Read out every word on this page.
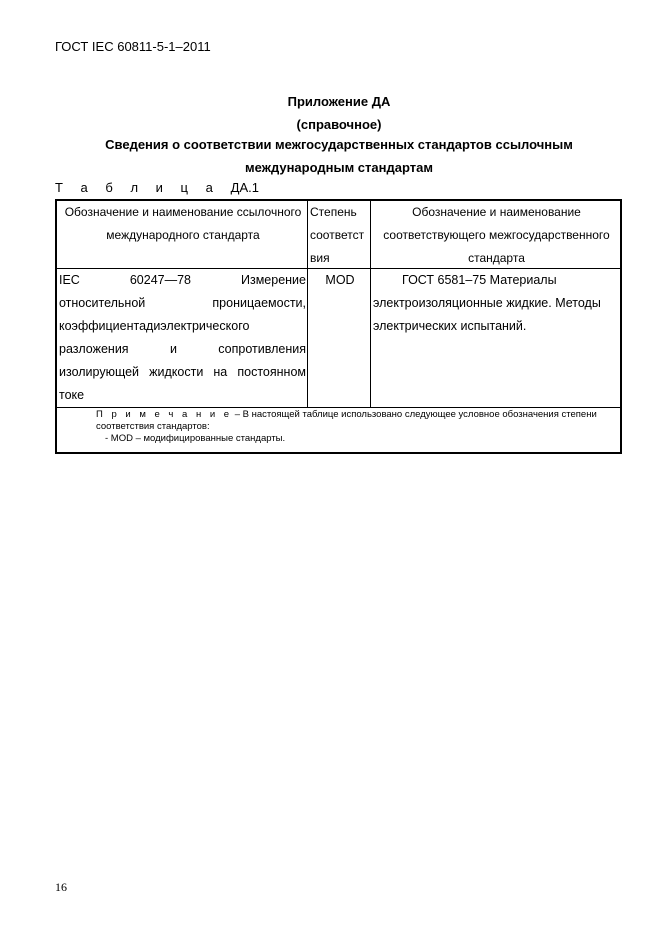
ГОСТ IEC 60811-5-1–2011
Приложение ДА
(справочное)
Сведения о соответствии межгосударственных стандартов ссылочным
международным стандартам
Т а б л и ц а ДА.1
Обозначение и наименование ссылочного
международного стандарта
Степень
соответст
вия
Обозначение и наименование
соответствующего межгосударственного
стандарта
IEC 60247—78 Измерение
относительной проницаемости,
коэффициентадиэлектрического
разложения и сопротивления
изолирующей жидкости на постоянном
токе
MOD	ГОСТ 6581–75 Материалы
электроизоляционные жидкие. Методы
электрических испытаний.
П р и м е ч а н и е – В настоящей таблице использовано следующее условное обозначения степени соответствия стандартов:
- MOD – модифицированные стандарты.
16
